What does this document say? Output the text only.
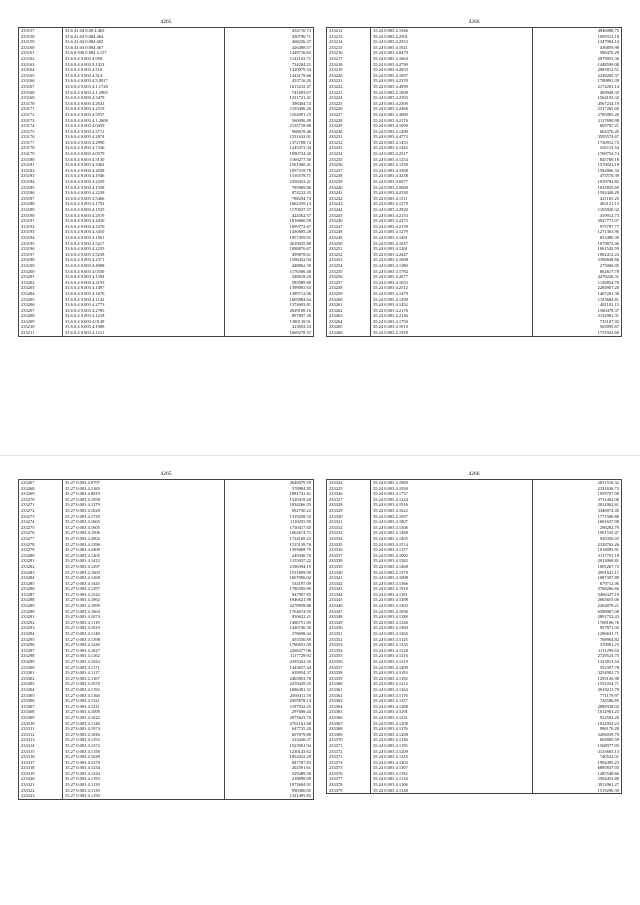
4265
233157	33.6 41.04 0.08 4.463	454710.73
233158	33.6 41.04 0.084.464	430790.71
233159	33.6 41.04 0.084 465	468226.37
233160	33.6 41.04 0.084 467	426498.57
233161	33.6 0.940 0.084 4.157	1449716.63
233162	33.6 0.4 0.003 4.958	1142102.71
233163	33.6 0.4 0.003 5.1413	734204.21
233164	33.6 0.4 0.003 4.516	1320079.34
233165	33.6 0.4 0.003 4.314	1443179.66
233166	33.6 0.4 0.003 4.5.0917	453716.20
233167	33.6 0.4 0.003 4.1.1728	1613232.47
233168	33.6 0.4 0.003 4.1.2965	741693.07
233169	33.6 0.4 0.003 4.3479	1231721.41
233170	33.6 0.4 0.003 4.2632	398404.74
233171	33.6 0.4 0.003 4.2519	1193496.26
233172	33.6 0.4 0.003 4.5537	1162991.23
233173	33.6 0.4 0.003 4.1.2608	560096.49
233174	33.6 0.4 0.003 4.0459	2135718.86
233175	33.6 0.4 0.003 4.3711	968678.46
233176	33.6 0.4 0.003 4.2874	1531632.01
233177	33.6 0.4 0.003 4.2990	1372708.72
233178	33.6 0.4 0.003 4.7336	1245473.34
233179	33.6 0.4 0.003 4.0579	1090724.26
233180	33.6 0.4 0.003 4.5130	1169277.30
233181	33.6 0.4 0.003 4.3402	1561960.41
233182	33.6 0.4 0.003 4.2038	1057319.78
233183	33.6 0.4 0.003 4.1946	1316578.71
233184	33.6 0.4 0.003 4.2359	2358453.21
233185	33.6 0.4 0.003 4.1928	785969.80
233186	33.6 0.4 0.003 4.2238	874222.35
233187	33.6 0.4 0.003 4.5466	788294.74
233188	33.6 0.4 0.003 4.1792	1662359.13
233189	33.6 0.4 0.003 4.1535	1170937.37
233190	33.6 0.4 0.003 4.2519	424562.57
233191	33.6 0.4 0.003 4.4410	1816660.59
233192	33.6 0.4 0.003 4.3376	1699772.67
233193	33.6 0.4 0.003 4.3410	1430605.28
233194	33.6 0.4 0.003 4.1561	1857459.91
233195	33.6 0.4 0.003 4.5217	2619035.80
233196	33.6 0.4 0.003 4.2235	1088876.67
233197	33.6 0.4 0.003 4.5239	499878.61
233198	33.6 0.4 0.003 4.2371	1596432.94
233199	33.6 0.4 0.003 4.4908	448862.39
233200	33.6 0.4 0.003 4.0330	1176580.40
233201	33.6 0.4 0.003 4.1394	348618.20
233202	33.6 0.4 0.003 4.3193	585989.80
233203	33.6 0.4 0.003 4.1497	1399093.63
233204	33.6 0.4 0.003 4.1676	1389712.06
233205	33.6 0.4 0.003 4.1142	1605884.64
233206	33.6 0.4 0.003 4.2773	1374693.81
233207	33.6 0.4 0.003 4.2785	2629108.16
233208	33.6 0.4 0.003 4.1218	897807.38
233209	33.6 0.4 0.003 4.0149	1380139.91
233210	33.6 0.4 0.003 4.1908	323692.54
233211	33.6 0.4 0.003 4.1211	1669278.37
4266
233212	35.24 0.003 4.1946	4946080.75
233213	35.24 0.003 4.2301	1699313.18
233214	35.24 0.003 4.2553	1347984.14
233215	35.24 0.003 4.1921	436859.98
233216	35.24 0.003 4.8479	586470.29
233217	35.24 0.003 4.1664	2079953.36
233218	35.24 0.003 4.2799	1448590.08
233219	35.24 0.003 4.2653	2085812.51
233220	35.24 0.003 4.1697	2249265.37
233221	35.24 0.003 4.2370	1788891.39
233222	35.24 0.003 4.4999	2174203.14
233223	35.24 0.003 4.1608	469948.35
233224	35.24 0.003 4.2593	1564103.32
233225	35.24 0.003 4.2300	4567234.19
233226	35.24 0.003 4.2466	2317265.60
233227	35.24 0.003 4.3069	2785065.26
233228	35.24 0.003 4.2176	2117690.98
233229	35.24 0.003 4.1690	605787.21
233230	35.24 0.003 4.1490	664376.45
233231	35.24 0.003 4.4773	3595574.67
233232	35.24 0.003 4.1453	1730912.72
233233	35.24 0.003 4.1442	631113.54
233234	35.24 0.003 4.2517	1769753.74
233235	35.24 0.003 4.1254	845780.18
233236	35.24 0.003 4.1238	1570022.18
233237	35.24 0.003 4.3368	1582066.34
233238	35.24 0.003 4.3238	475570.39
233239	35.24 0.003 4.6977	1039782.82
233240	35.24 0.003 4.5668	1035855.69
233241	35.24 0.003 4.2330	1592446.29
233242	35.24 0.003 4.1311	421165.25
233243	35.24 0.003 4.1279	463121.15
233244	35.24 0.003 4.2920	1105920.32
233245	35.24 0.003 4.2153	439912.73
233246	35.24 0.003 4.2275	3947771.07
233247	35.24 0.003 4.2159	975797.77
233248	35.24 0.003 4.1279	1271363.96
233249	35.24 0.003 4.1491	653480.39
233250	35.24 0.003 4.1637	1079873.46
233251	35.24 0.003 4.1261	1861542.59
233252	35.24 0.003 4.2447	1082412.24
233253	35.24 0.003 4.1608	3396848.66
233254	35.24 0.003 4.1180	275006.05
233255	35.24 0.003 4.1782	862617.78
233256	35.24 0.003 4.2677	4478226.31
233257	35.24 0.003 4.1653	1126854.76
233258	35.24 0.003 4.2312	2284907.20
233259	35.24 0.003 4.1479	1407281.38
233260	35.24 0.003 4.1299	1103684.81
233261	35.24 0.003 4.1452	481182.15
233262	35.24 0.003 4.2176	1560478.37
233263	35.24 0.003 4.2146	2152981.31
233264	35.24 0.003 4.1750	735107.92
233265	35.24 0.003 4.1910	565095.67
233266	35.24 0.003 4.1918	1751923.60
4265
233267	35.27 0.003 4.0797	2649079.59
233268	35.27 0.003 4.1169	578984.85
233269	35.27 0.003 4.0019	1881741.61
233270	35.27 0.003 4.1958	1320419.20
233271	35.27 0.003 4.1179	1834266.55
233272	35.27 0.003 4.1628	992730.22
233273	35.27 0.003 4.1729	1319258.33
233274	35.27 0.003 4.1665	1110255.95
233275	35.27 0.003 4.1605	1750417.65
233276	35.27 0.003 4.1506	1602674.71
233277	35.27 0.003 4.2002	1724169.23
233278	35.27 0.003 4.1296	1515139.76
233279	35.27 0.003 4.2400	1595669.79
233280	35.27 0.003 4.1405	249436.70
233281	35.27 0.003 4.1412	1155837.22
233282	35.27 0.003 4.1297	2186394.19
233283	35.27 0.003 4.1603	1531809.09
233284	35.27 0.003 4.1268	1607096.02
233285	35.27 0.003 4.1445	534197.09
233286	35.27 0.003 4.1297	1786509.09
233287	35.27 0.003 4.1542	947907.85
233288	35.27 0.003 4.1062	1946621.98
233289	35.27 0.003 4.1099	2270958.80
233290	35.27 0.003 4.1663	1764674.95
233291	35.27 0.003 4.1074	950622.21
233292	35.27 0.003 4.1118	1466751.69
233293	35.27 0.003 4.1019	1426746.30
233294	35.27 0.003 4.1148	378698.44
233295	35.27 0.003 4.1398	455550.89
233296	35.27 0.003 4.1240	1760653.09
233297	35.27 0.003 4.1027	2266377.06
233298	35.27 0.003 4.1162	1117729.92
233299	35.27 0.003 4.1043	2395432.35
233300	35.27 0.003 4.1171	1443657.44
233301	35.27 0.003 4.1117	639954.37
233302	35.27 0.003 4.1167	2465853.78
233303	35.27 0.003 4.1070	2259429.35
233304	35.27 0.003 4.1192	1686401.31
233305	35.27 0.003 4.1160	2569411.59
233306	35.27 0.003 4.1321	2505878.14
233307	35.27 0.003 4.1211	1187932.25
233308	35.27 0.003 4.1095	297608.44
233309	35.27 0.003 4.1022	2975623.70
233310	35.27 0.003 4.1148	2761161.68
233311	35.27 0.003 4.1974	647735.20
233312	35.27 0.003 4.1046	607879.80
233313	35.27 0.003 4.1152	313426.37
233314	35.27 0.003 4.1372	1523901.94
233315	35.27 0.003 4.1158	1230143.62
233316	35.27 0.003 4.1049	1852022.29
233317	35.27 0.003 4.1270	847707.83
233318	35.27 0.003 4.1234	202591.61
233319	35.27 0.003 4.1244	529489.58
233320	35.27 0.003 4.1193	218698.09
233321	35.27 0.003 4.1139	1073604.91
233322	35.27 0.003 4.1139	990300.05
233323	35.27 0.003 4.1150	1321495.82
4266
233324	35.24 0.003 4.1960	2631510.32
233325	35.24 0.003 4.1930	2331636.72
233326	35.24 0.003 4.1757	1959707.90
233327	35.24 0.003 4.1224	3711462.06
233328	35.24 0.003 4.1916	2012962.61
233329	35.24 0.003 4.1622	3346974.45
233330	35.24 0.003 4.1097	1771506.86
233331	35.24 0.003 4.1807	1601637.98
233332	35.24 0.003 4.1306	298282.79
233333	35.24 0.003 4.1468	1901535.47
233334	35.24 0.003 4.1405	926356.03
233335	35.24 0.003 4.1514	2328762.26
233336	35.24 0.003 4.1157	1018095.91
233337	35.24 0.003 4.1002	3117791.18
233338	35.24 0.003 4.1582	2013068.81
233339	35.24 0.003 4.1468	1005267.72
233340	35.24 0.003 4.1379	2991621.11
233341	35.24 0.003 4.1098	1087307.89
233342	35.24 0.003 4.1366	679712.06
233343	35.24 0.003 4.1918	5768266.66
233344	35.24 0.003 4.1181	5466327.19
233345	35.24 0.003 4.1498	2665655.00
233346	35.24 0.003 4.1305	2264879.21
233347	35.24 0.003 4.1036	6588967.08
233348	35.24 0.003 4.1188	2891752.43
233349	35.24 0.003 4.1346	1768106.76
233350	35.24 0.003 4.1360	857871.02
233351	35.24 0.003 4.1265	1296631.71
233352	35.24 0.003 4.1125	768964.82
233353	35.24 0.003 4.1355	370991.23
233354	35.24 0.003 4.1328	1111299.63
233355	35.24 0.003 4.1316	2729523.75
233356	35.24 0.003 4.1219	1323813.54
233357	35.24 0.003 4.1409	592397.78
233358	35.24 0.003 4.1193	3254902.75
233359	35.24 0.003 4.1192	1295126.98
233360	35.24 0.003 4.1212	1551034.71
233361	35.24 0.003 4.1164	2019211.79
233362	35.24 0.003 4.1176	771179.97
233363	35.24 0.003 4.1357	726586.85
233364	35.24 0.003 4.1268	2888358.02
233365	35.24 0.003 4.1291	1612983.23
233366	35.24 0.003 4.1231	922502.26
233367	35.24 0.003 4.1208	1022052.23
233368	35.24 0.003 4.1176	986170.28
233369	35.24 0.003 4.1208	3266039.79
233370	35.24 0.003 4.1136	664805.59
233371	35.24 0.003 4.1195	1568977.93
233372	35.24 0.003 4.1209	3133665.13
233373	35.24 0.003 4.1245	740522.31
233374	35.24 0.003 4.1203	1984495.23
233375	35.24 0.003 4.1307	6895837.03
233376	35.24 0.003 4.1182	1285540.66
233377	35.24 0.003 4.1134	2504453.86
233378	35.24 0.003 4.1106	3912961.27
233379	35.24 0.003 4.1348	1519296.39
